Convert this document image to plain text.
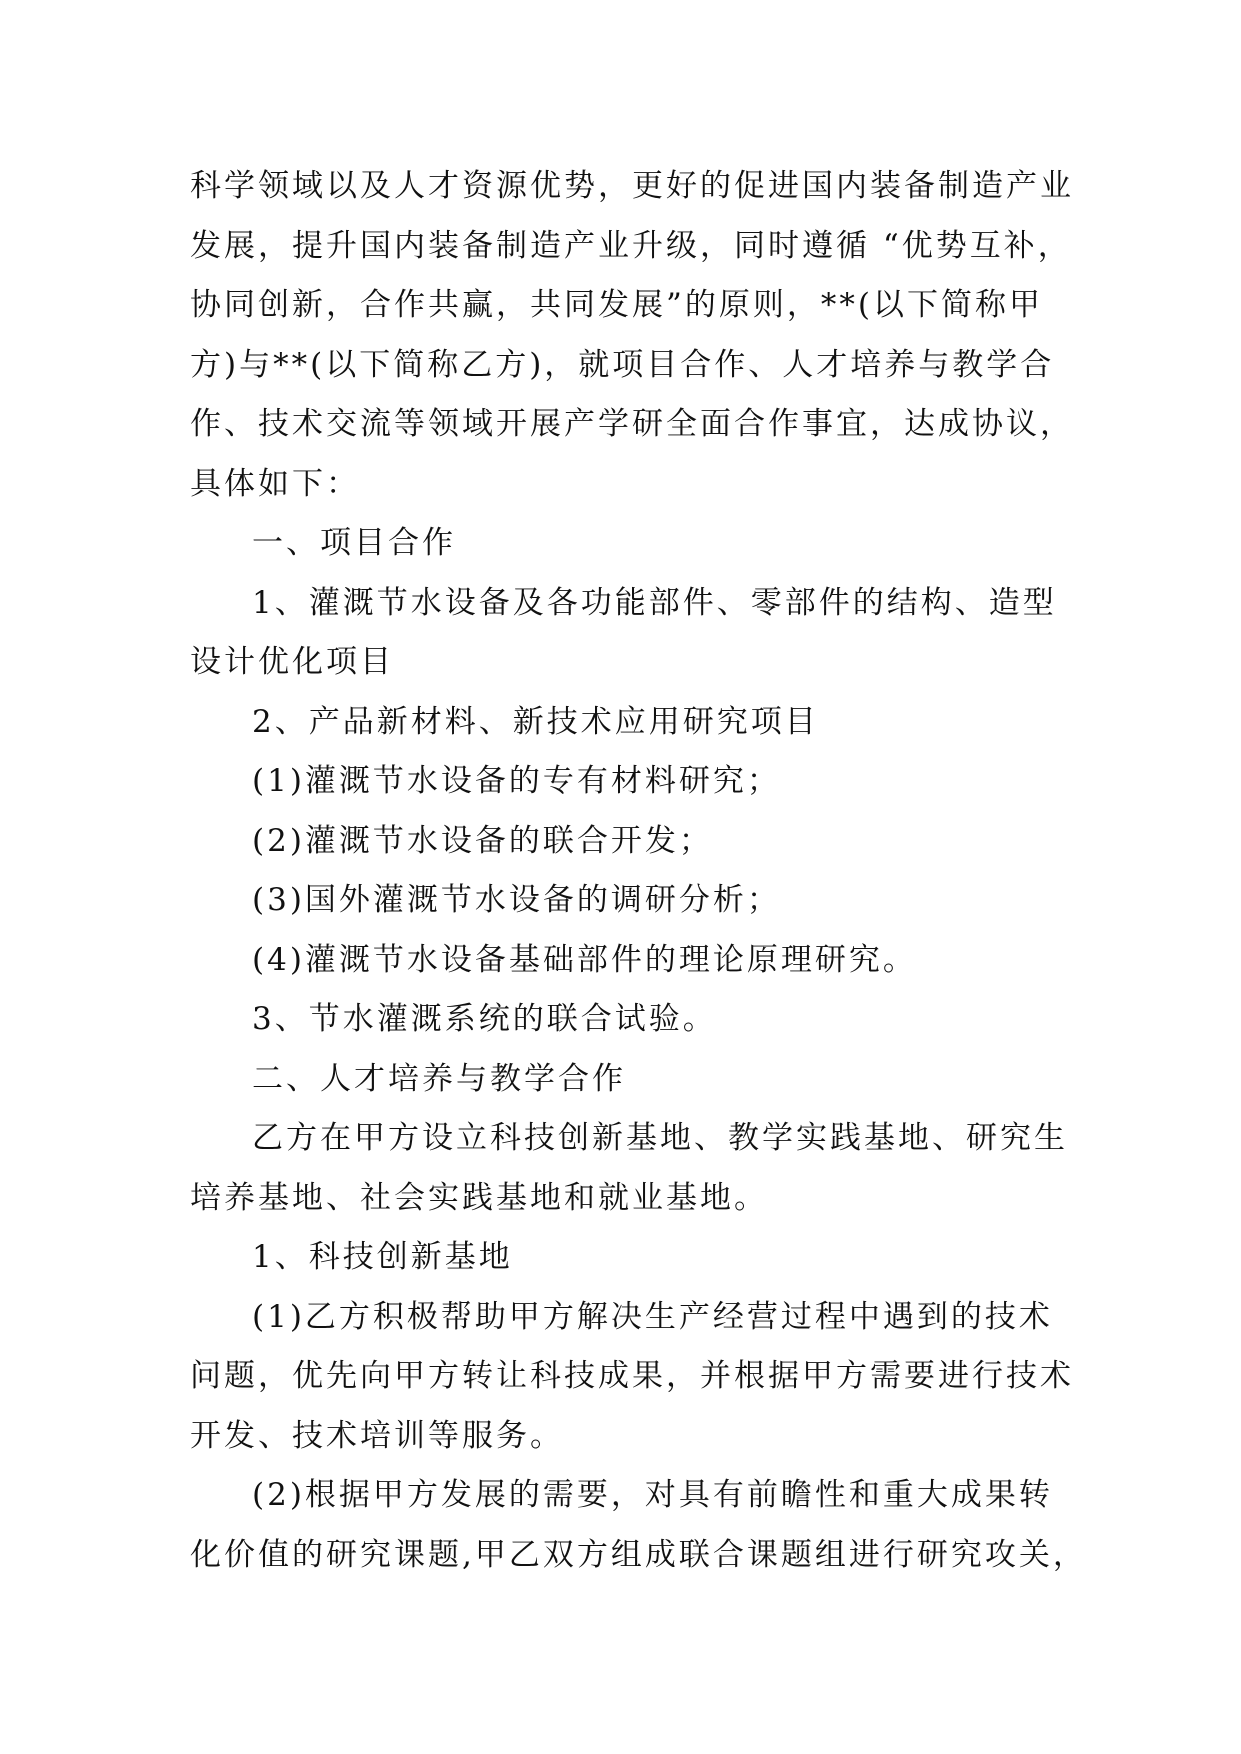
科学领域以及人才资源优势，更好的促进国内装备制造产业
发展，提升国内装备制造产业升级，同时遵循 “优势互补，
协同创新，合作共赢，共同发展”的原则，**(以下简称甲
方)与**(以下简称乙方)，就项目合作、人才培养与教学合
作、技术交流等领域开展产学研全面合作事宜，达成协议，
具体如下：

一、项目合作

1、灌溉节水设备及各功能部件、零部件的结构、造型
设计优化项目

2、产品新材料、新技术应用研究项目

(1)灌溉节水设备的专有材料研究；

(2)灌溉节水设备的联合开发；

(3)国外灌溉节水设备的调研分析；

(4)灌溉节水设备基础部件的理论原理研究。

3、节水灌溉系统的联合试验。

二、人才培养与教学合作

乙方在甲方设立科技创新基地、教学实践基地、研究生
培养基地、社会实践基地和就业基地。

1、科技创新基地

(1)乙方积极帮助甲方解决生产经营过程中遇到的技术
问题，优先向甲方转让科技成果，并根据甲方需要进行技术
开发、技术培训等服务。

(2)根据甲方发展的需要，对具有前瞻性和重大成果转
化价值的研究课题,甲乙双方组成联合课题组进行研究攻关，
